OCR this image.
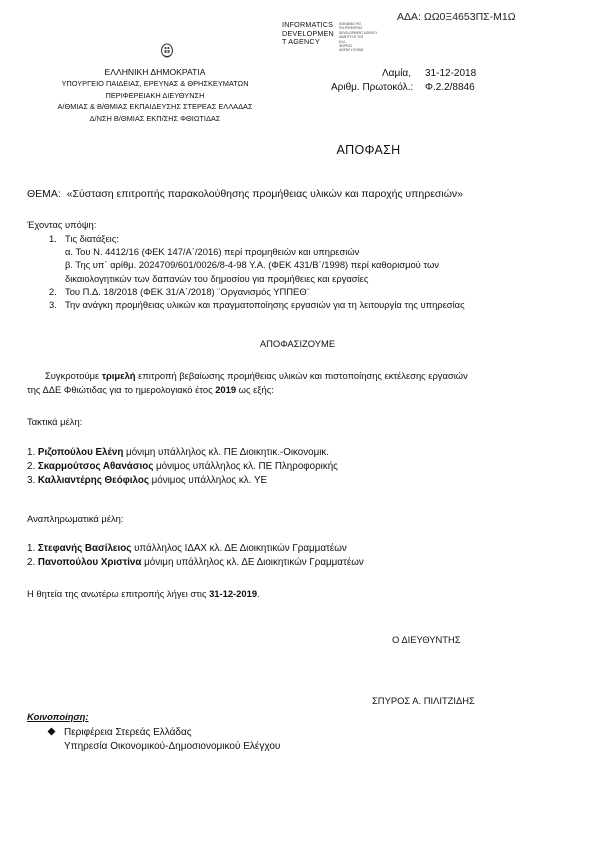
ΑΔΑ: ΩΩ0Ξ4653ΠΣ-Μ1Ω
INFORMATICS
DEVELOPMEN
T AGENCY
ΚΟΙΝΩΝΙΑ ΤΗΣ
ΠΛΗΡΟΦΟΡΙΑΣ
DEVELOPMENT AGENCY
ΑΝΑΠΤΥΞΗ ΤΗΣ
ΕΛΛ.
ΦΟΡΕΑΣ
AGENCY ΚΟΙΝΩ
ΕΛΛΗΝΙΚΗ ΔΗΜΟΚΡΑΤΙΑ
ΥΠΟΥΡΓΕΙΟ ΠΑΙΔΕΙΑΣ, ΕΡΕΥΝΑΣ & ΘΡΗΣΚΕΥΜΑΤΩΝ
ΠΕΡΙΦΕΡΕΙΑΚΗ ΔΙΕΥΘΥΝΣΗ
Α/ΘΜΙΑΣ & Β/ΘΜΙΑΣ ΕΚΠΑΙΔΕΥΣΗΣ ΣΤΕΡΕΑΣ ΕΛΛΑΔΑΣ
Δ/ΝΣΗ Β/ΘΜΙΑΣ ΕΚΠ/ΣΗΣ ΦΘΙΩΤΙΔΑΣ
Λαμία, 31-12-2018
Αριθμ. Πρωτοκόλ.: Φ.2.2/8846
ΑΠΟΦΑΣΗ
ΘΕΜΑ: «Σύσταση επιτροπής παρακολούθησης προμήθειας υλικών και παροχής υπηρεσιών»
Έχοντας υπόψη:
1. Τις διατάξεις:
α. Του Ν. 4412/16 (ΦΕΚ 147/Α΄/2016) περί προμηθειών και υπηρεσιών
β. Της υπ΄ αρίθμ. 2024709/601/0026/8-4-98 Υ.Α. (ΦΕΚ 431/Β΄/1998) περί καθορισμού των
δικαιολογητικών των δαπανών του δημοσίου για προμήθειες και εργασίες
2. Του Π.Δ. 18/2018 (ΦΕΚ 31/Α΄/2018) ¨Οργανισμός ΥΠΠΕΘ¨
3. Την ανάγκη προμήθειας υλικών και πραγματοποίησης εργασιών για τη λειτουργία της υπηρεσίας
ΑΠΟΦΑΣΙΖΟΥΜΕ
Συγκροτούμε τριμελή επιτροπή βεβαίωσης προμήθειας υλικών και πιστοποίησης εκτέλεσης εργασιών
της ΔΔΕ Φθιώτιδας για το ημερολογιακό έτος 2019 ως εξής:
Τακτικά μέλη:
1. Ριζοπούλου Ελένη μόνιμη υπάλληλος κλ. ΠΕ Διοικητικ.-Οικονομικ.
2. Σκαρμούτσος Αθανάσιος μόνιμος υπάλληλος κλ. ΠΕ Πληροφορικής
3. Καλλιαντέρης Θεόφιλος μόνιμος υπάλληλος κλ. ΥΕ
Αναπληρωματικά μέλη:
1. Στεφανής Βασίλειος υπάλληλος ΙΔΑΧ κλ. ΔΕ Διοικητικών Γραμματέων
2. Πανοπούλου Χριστίνα μόνιμη υπάλληλος κλ. ΔΕ Διοικητικών Γραμματέων
Η θητεία της ανωτέρω επιτροπής λήγει στις 31-12-2019.
Ο ΔΙΕΥΘΥΝΤΗΣ
ΣΠΥΡΟΣ Α. ΠΙΛΙΤΖΙΔΗΣ
Κοινοποίηση:
Περιφέρεια Στερεάς Ελλάδας
Υπηρεσία Οικονομικού-Δημοσιονομικού Ελέγχου
